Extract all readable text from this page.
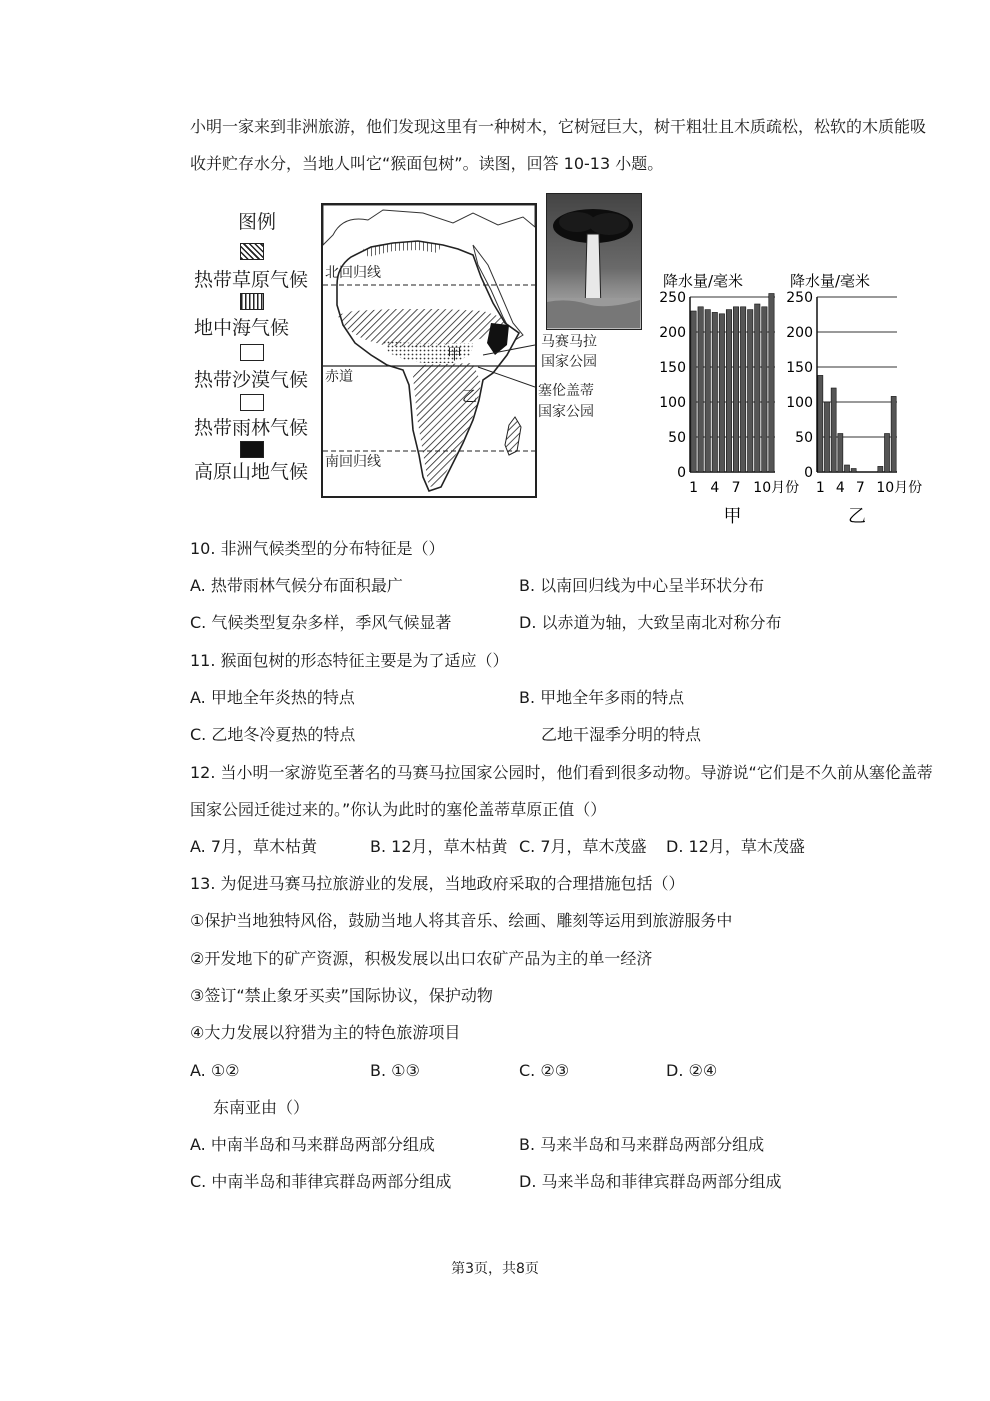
小明一家来到非洲旅游，他们发现这里有一种树木，它树冠巨大，树干粗壮且木质疏松，松软的木质能吸
收并贮存水分，当地人叫它“猴面包树”。读图，回答 10-13 小题。
图例
热带草原气候
地中海气候
热带沙漠气候
热带雨林气候
高原山地气候
北回归线
赤道
南回归线
甲
乙
马赛马拉
国家公园
塞伦盖蒂
国家公园
降水量/毫米
250
200
150
100
50
0
1 4 7 10月份
甲
降水量/毫米
250
200
150
100
50
0
1 4 7 10月份
乙
10. 非洲气候类型的分布特征是（）
A. 热带雨林气候分布面积最广	B. 以南回归线为中心呈半环状分布
C. 气候类型复杂多样，季风气候显著	D. 以赤道为轴，大致呈南北对称分布
11. 猴面包树的形态特征主要是为了适应（）
A. 甲地全年炎热的特点	B. 甲地全年多雨的特点
C. 乙地冬冷夏热的特点	乙地干湿季分明的特点
12. 当小明一家游览至著名的马赛马拉国家公园时，他们看到很多动物。导游说“它们是不久前从塞伦盖蒂
国家公园迁徙过来的。”你认为此时的塞伦盖蒂草原正值（）
A. 7月，草木枯黄	B. 12月，草木枯黄 C. 7月，草木茂盛 D. 12月，草木茂盛
13. 为促进马赛马拉旅游业的发展，当地政府采取的合理措施包括（）
①保护当地独特风俗，鼓励当地人将其音乐、绘画、雕刻等运用到旅游服务中
②开发地下的矿产资源，积极发展以出口农矿产品为主的单一经济
③签订“禁止象牙买卖”国际协议，保护动物
④大力发展以狩猎为主的特色旅游项目
A. ①②	B. ①③	C. ②③	D. ②④
东南亚由（）
A. 中南半岛和马来群岛两部分组成	B. 马来半岛和马来群岛两部分组成
C. 中南半岛和菲律宾群岛两部分组成	D. 马来半岛和菲律宾群岛两部分组成
第3页，共8页
